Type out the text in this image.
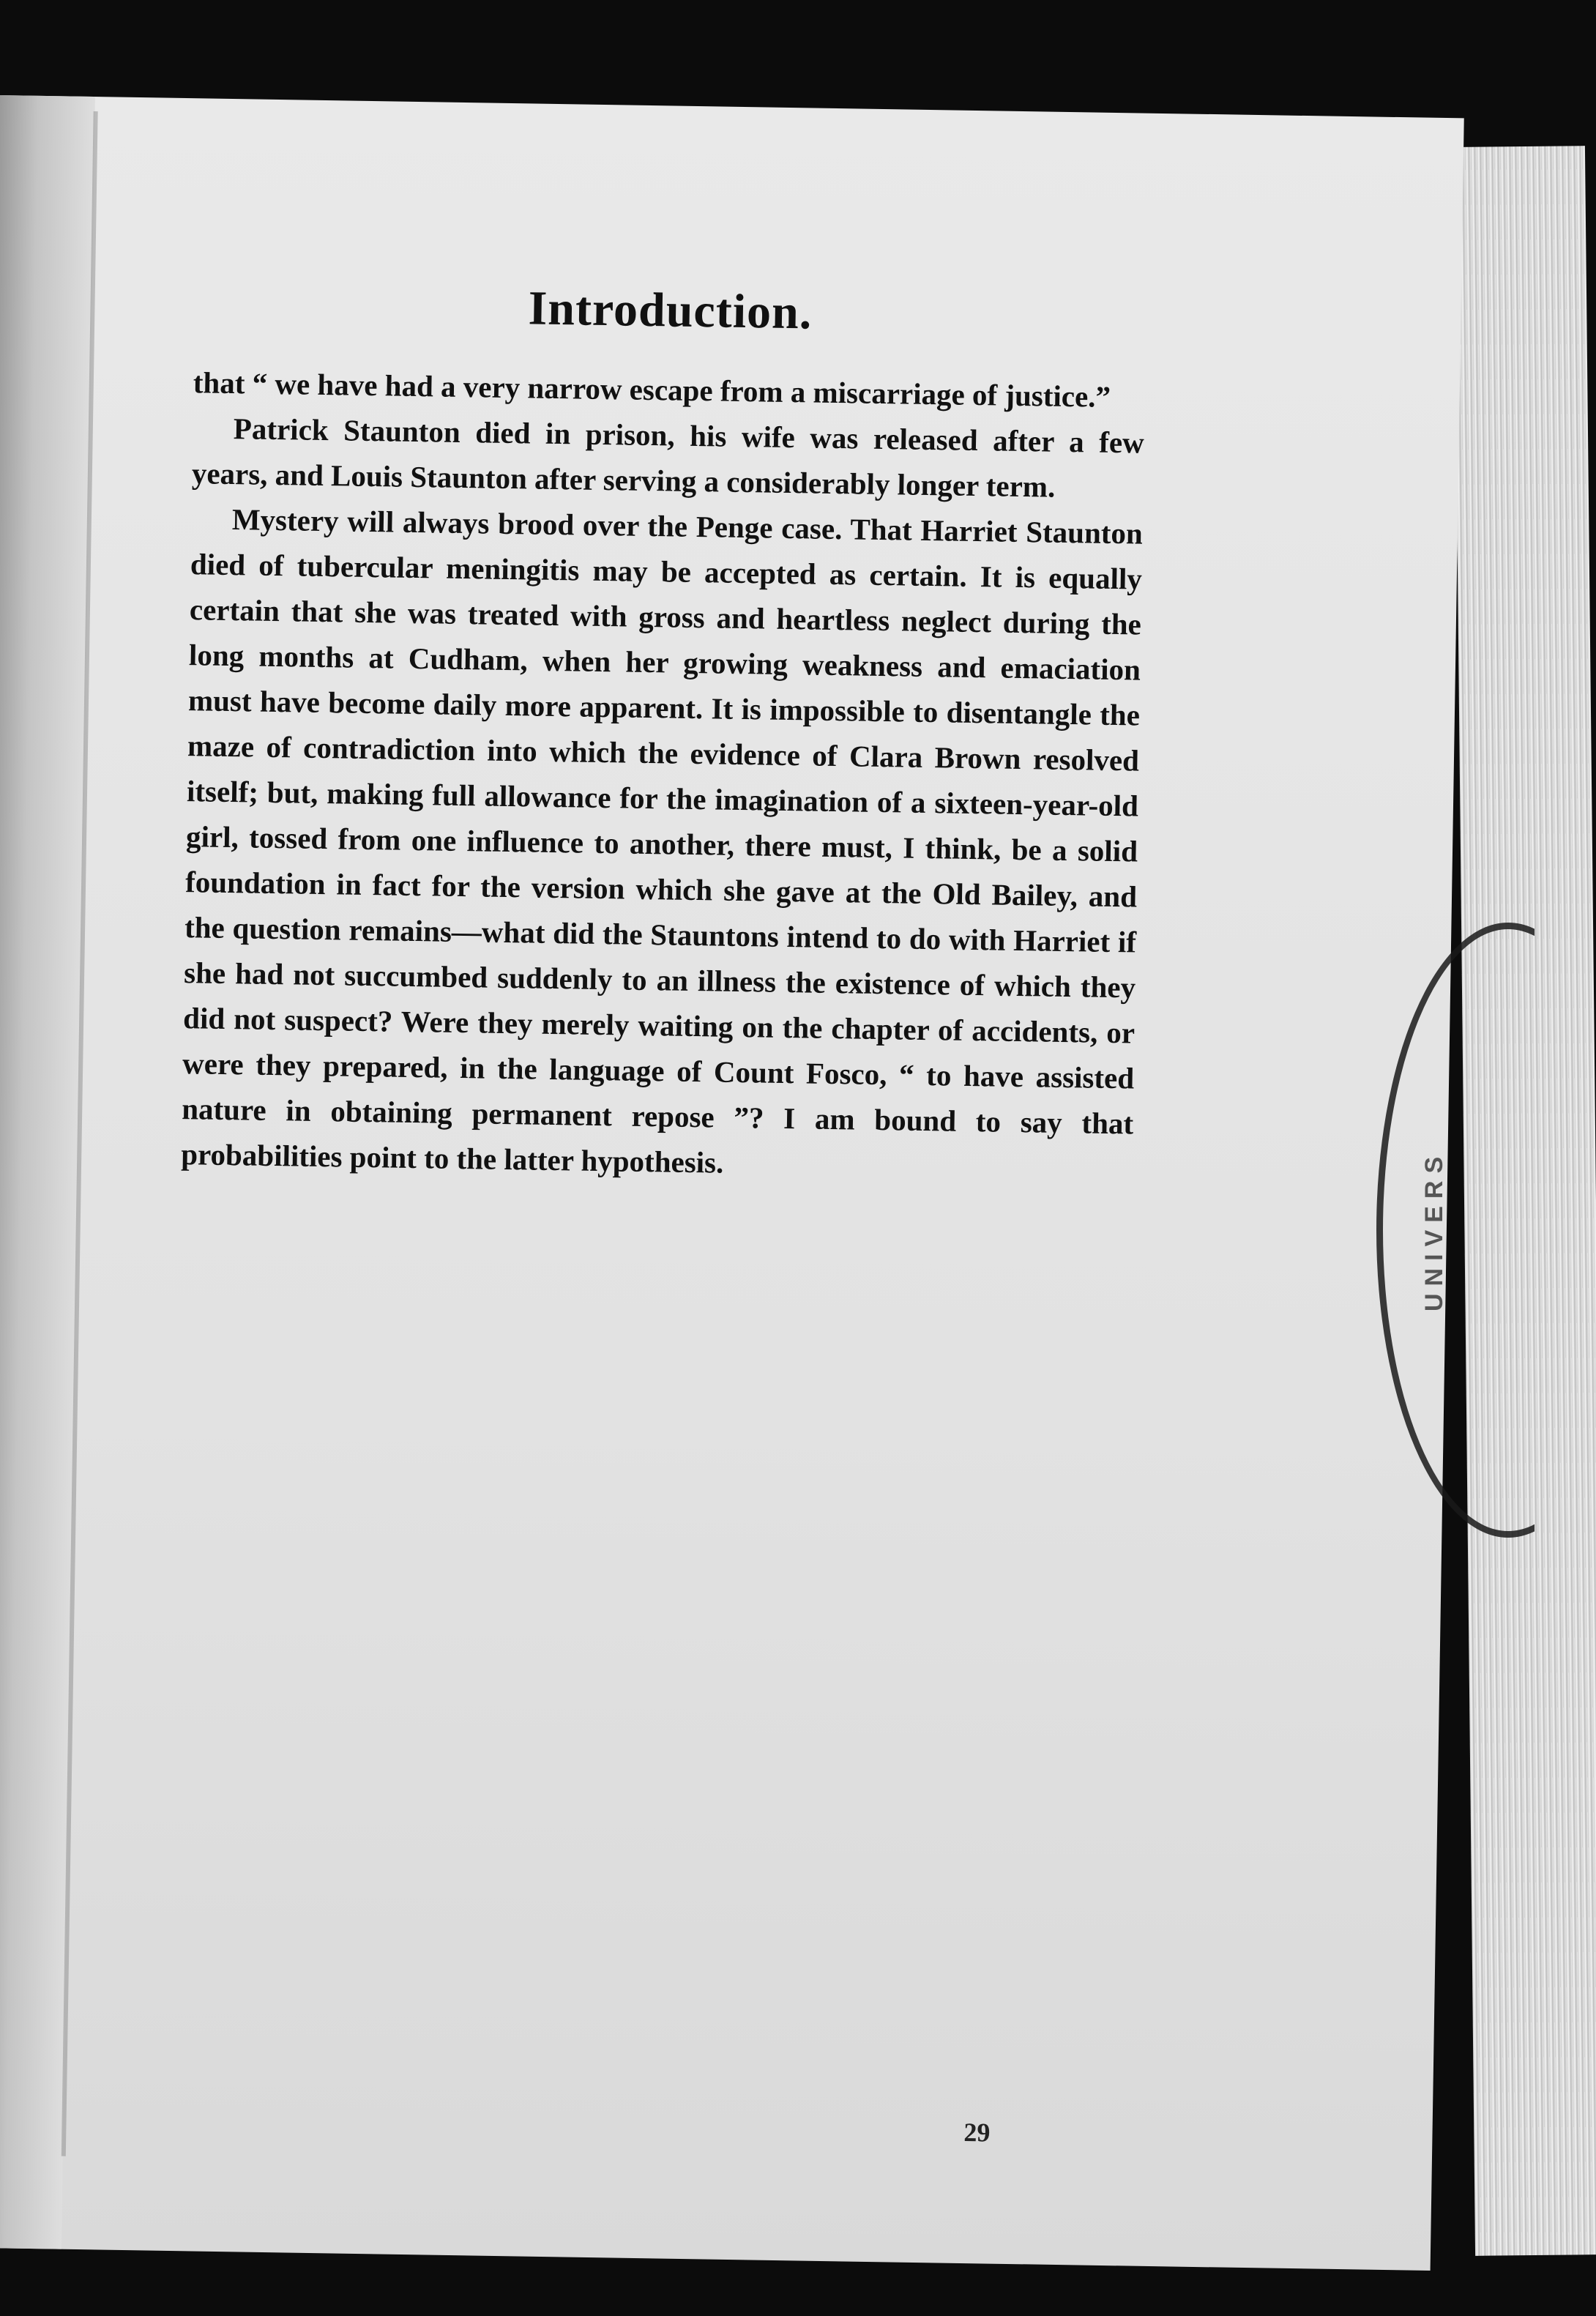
Introduction.

that “ we have had a very narrow escape from a miscarriage of justice.”

Patrick Staunton died in prison, his wife was released after a few years, and Louis Staunton after serving a considerably longer term.

Mystery will always brood over the Penge case. That Harriet Staunton died of tubercular meningitis may be accepted as certain. It is equally certain that she was treated with gross and heartless neglect during the long months at Cudham, when her growing weakness and emaciation must have become daily more apparent. It is impossible to disentangle the maze of contradiction into which the evidence of Clara Brown resolved itself; but, making full allowance for the imagination of a sixteen-year-old girl, tossed from one influence to another, there must, I think, be a solid foundation in fact for the version which she gave at the Old Bailey, and the question remains—what did the Stauntons intend to do with Harriet if she had not succumbed suddenly to an illness the existence of which they did not suspect? Were they merely waiting on the chapter of accidents, or were they prepared, in the language of Count Fosco, “ to have assisted nature in obtaining permanent repose ”? I am bound to say that probabilities point to the latter hypothesis.

29
UNIVERS
